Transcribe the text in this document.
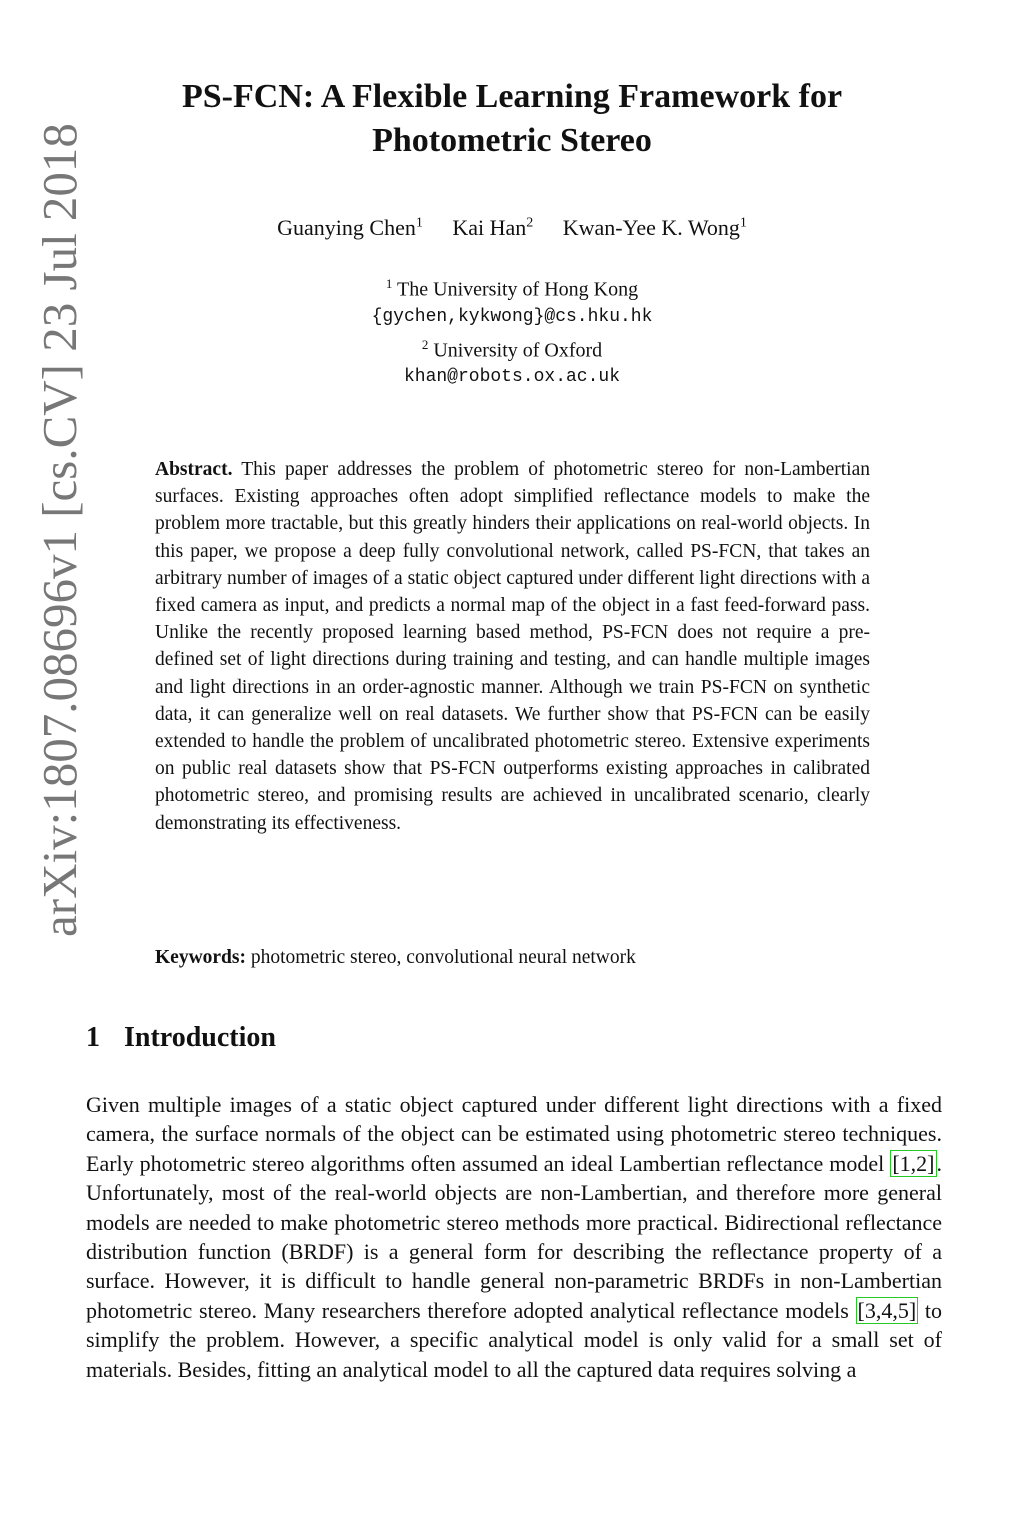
arXiv:1807.08696v1 [cs.CV] 23 Jul 2018
PS-FCN: A Flexible Learning Framework for Photometric Stereo
Guanying Chen$^1$ Kai Han$^2$ Kwan-Yee K. Wong$^1$
$^1$ The University of Hong Kong
{gychen,kykwong}@cs.hku.hk
$^2$ University of Oxford
khan@robots.ox.ac.uk
Abstract. This paper addresses the problem of photometric stereo for non-Lambertian surfaces. Existing approaches often adopt simplified reflectance models to make the problem more tractable, but this greatly hinders their applications on real-world objects. In this paper, we propose a deep fully convolutional network, called PS-FCN, that takes an arbitrary number of images of a static object captured under different light directions with a fixed camera as input, and predicts a normal map of the object in a fast feed-forward pass. Unlike the recently proposed learning based method, PS-FCN does not require a pre-defined set of light directions during training and testing, and can handle multiple images and light directions in an order-agnostic manner. Although we train PS-FCN on synthetic data, it can generalize well on real datasets. We further show that PS-FCN can be easily extended to handle the problem of uncalibrated photometric stereo. Extensive experiments on public real datasets show that PS-FCN outperforms existing approaches in calibrated photometric stereo, and promising results are achieved in uncalibrated scenario, clearly demonstrating its effectiveness.
Keywords: photometric stereo, convolutional neural network
1 Introduction
Given multiple images of a static object captured under different light directions with a fixed camera, the surface normals of the object can be estimated using photometric stereo techniques. Early photometric stereo algorithms often assumed an ideal Lambertian reflectance model [1,2]. Unfortunately, most of the real-world objects are non-Lambertian, and therefore more general models are needed to make photometric stereo methods more practical. Bidirectional reflectance distribution function (BRDF) is a general form for describing the reflectance property of a surface. However, it is difficult to handle general non-parametric BRDFs in non-Lambertian photometric stereo. Many researchers therefore adopted analytical reflectance models [3,4,5] to simplify the problem. However, a specific analytical model is only valid for a small set of materials. Besides, fitting an analytical model to all the captured data requires solving a
